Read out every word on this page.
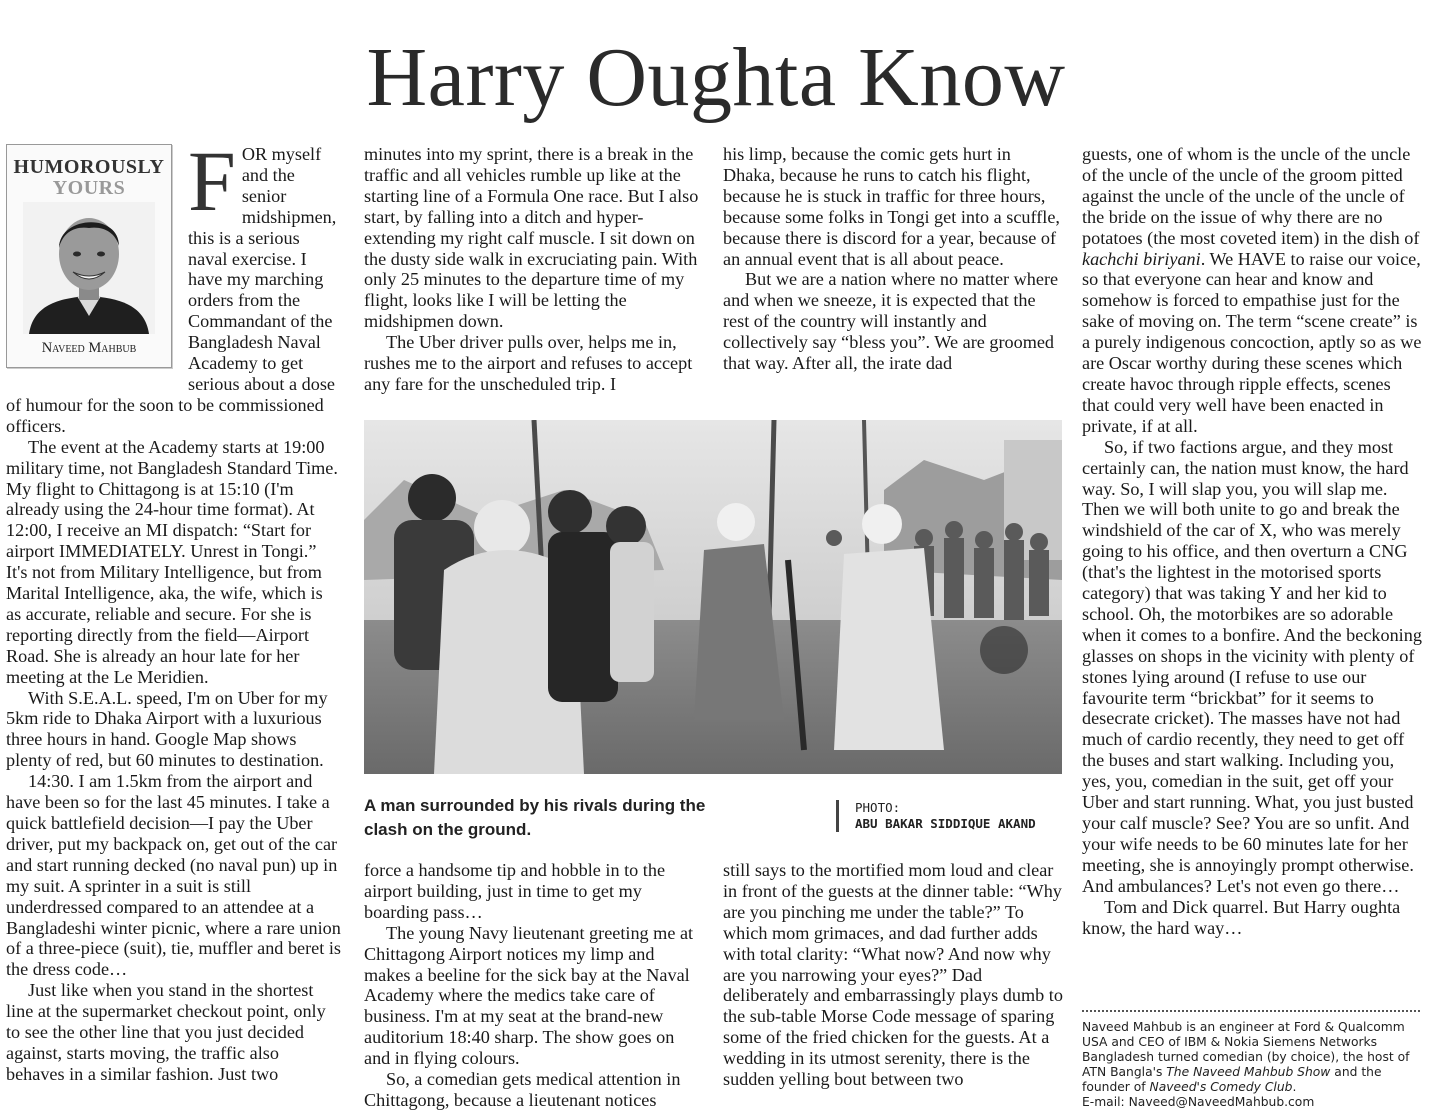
Harry Oughta Know
HUMOROUSLY
YOURS
Naveed Mahbub
F OR myself and the senior midshipmen, this is a serious naval exercise. I have my marching orders from the Commandant of the Bangladesh Naval Academy to get serious about a dose of humour for the soon to be commissioned officers.

The event at the Academy starts at 19:00 military time, not Bangladesh Standard Time. My flight to Chittagong is at 15:10 (I'm already using the 24-hour time format). At 12:00, I receive an MI dispatch: “Start for airport IMMEDIATELY. Unrest in Tongi.” It's not from Military Intelligence, but from Marital Intelligence, aka, the wife, which is as accurate, reliable and secure. For she is reporting directly from the field—Airport Road. She is already an hour late for her meeting at the Le Meridien.

With S.E.A.L. speed, I'm on Uber for my 5km ride to Dhaka Airport with a luxurious three hours in hand. Google Map shows plenty of red, but 60 minutes to destination.

14:30. I am 1.5km from the airport and have been so for the last 45 minutes. I take a quick battlefield decision—I pay the Uber driver, put my backpack on, get out of the car and start running decked (no naval pun) up in my suit. A sprinter in a suit is still underdressed compared to an attendee at a Bangladeshi winter picnic, where a rare union of a three-piece (suit), tie, muffler and beret is the dress code…

Just like when you stand in the shortest line at the supermarket checkout point, only to see the other line that you just decided against, starts moving, the traffic also behaves in a similar fashion. Just two

minutes into my sprint, there is a break in the traffic and all vehicles rumble up like at the starting line of a Formula One race. But I also start, by falling into a ditch and hyper-extending my right calf muscle. I sit down on the dusty side walk in excruciating pain. With only 25 minutes to the departure time of my flight, looks like I will be letting the midshipmen down.

The Uber driver pulls over, helps me in, rushes me to the airport and refuses to accept any fare for the unscheduled trip. I

his limp, because the comic gets hurt in Dhaka, because he runs to catch his flight, because he is stuck in traffic for three hours, because some folks in Tongi get into a scuffle, because there is discord for a year, because of an annual event that is all about peace.

But we are a nation where no matter where and when we sneeze, it is expected that the rest of the country will instantly and collectively say “bless you”. We are groomed that way. After all, the irate dad

A man surrounded by his rivals during the clash on the ground.
PHOTO:
ABU BAKAR SIDDIQUE AKAND

force a handsome tip and hobble in to the airport building, just in time to get my boarding pass…

The young Navy lieutenant greeting me at Chittagong Airport notices my limp and makes a beeline for the sick bay at the Naval Academy where the medics take care of business. I'm at my seat at the brand-new auditorium 18:40 sharp. The show goes on and in flying colours.

So, a comedian gets medical attention in Chittagong, because a lieutenant notices

still says to the mortified mom loud and clear in front of the guests at the dinner table: “Why are you pinching me under the table?” To which mom grimaces, and dad further adds with total clarity: “What now? And now why are you narrowing your eyes?” Dad deliberately and embarrassingly plays dumb to the sub-table Morse Code message of sparing some of the fried chicken for the guests. At a wedding in its utmost serenity, there is the sudden yelling bout between two

guests, one of whom is the uncle of the uncle of the uncle of the uncle of the groom pitted against the uncle of the uncle of the uncle of the bride on the issue of why there are no potatoes (the most coveted item) in the dish of kachchi biriyani. We HAVE to raise our voice, so that everyone can hear and know and somehow is forced to empathise just for the sake of moving on. The term “scene create” is a purely indigenous concoction, aptly so as we are Oscar worthy during these scenes which create havoc through ripple effects, scenes that could very well have been enacted in private, if at all.

So, if two factions argue, and they most certainly can, the nation must know, the hard way. So, I will slap you, you will slap me. Then we will both unite to go and break the windshield of the car of X, who was merely going to his office, and then overturn a CNG (that's the lightest in the motorised sports category) that was taking Y and her kid to school. Oh, the motorbikes are so adorable when it comes to a bonfire. And the beckoning glasses on shops in the vicinity with plenty of stones lying around (I refuse to use our favourite term “brickbat” for it seems to desecrate cricket). The masses have not had much of cardio recently, they need to get off the buses and start walking. Including you, yes, you, comedian in the suit, get off your Uber and start running. What, you just busted your calf muscle? See? You are so unfit. And your wife needs to be 60 minutes late for her meeting, she is annoyingly prompt otherwise. And ambulances? Let's not even go there…

Tom and Dick quarrel. But Harry oughta know, the hard way…

Naveed Mahbub is an engineer at Ford & Qualcomm USA and CEO of IBM & Nokia Siemens Networks Bangladesh turned comedian (by choice), the host of ATN Bangla's The Naveed Mahbub Show and the founder of Naveed's Comedy Club.
E-mail: Naveed@NaveedMahbub.com
